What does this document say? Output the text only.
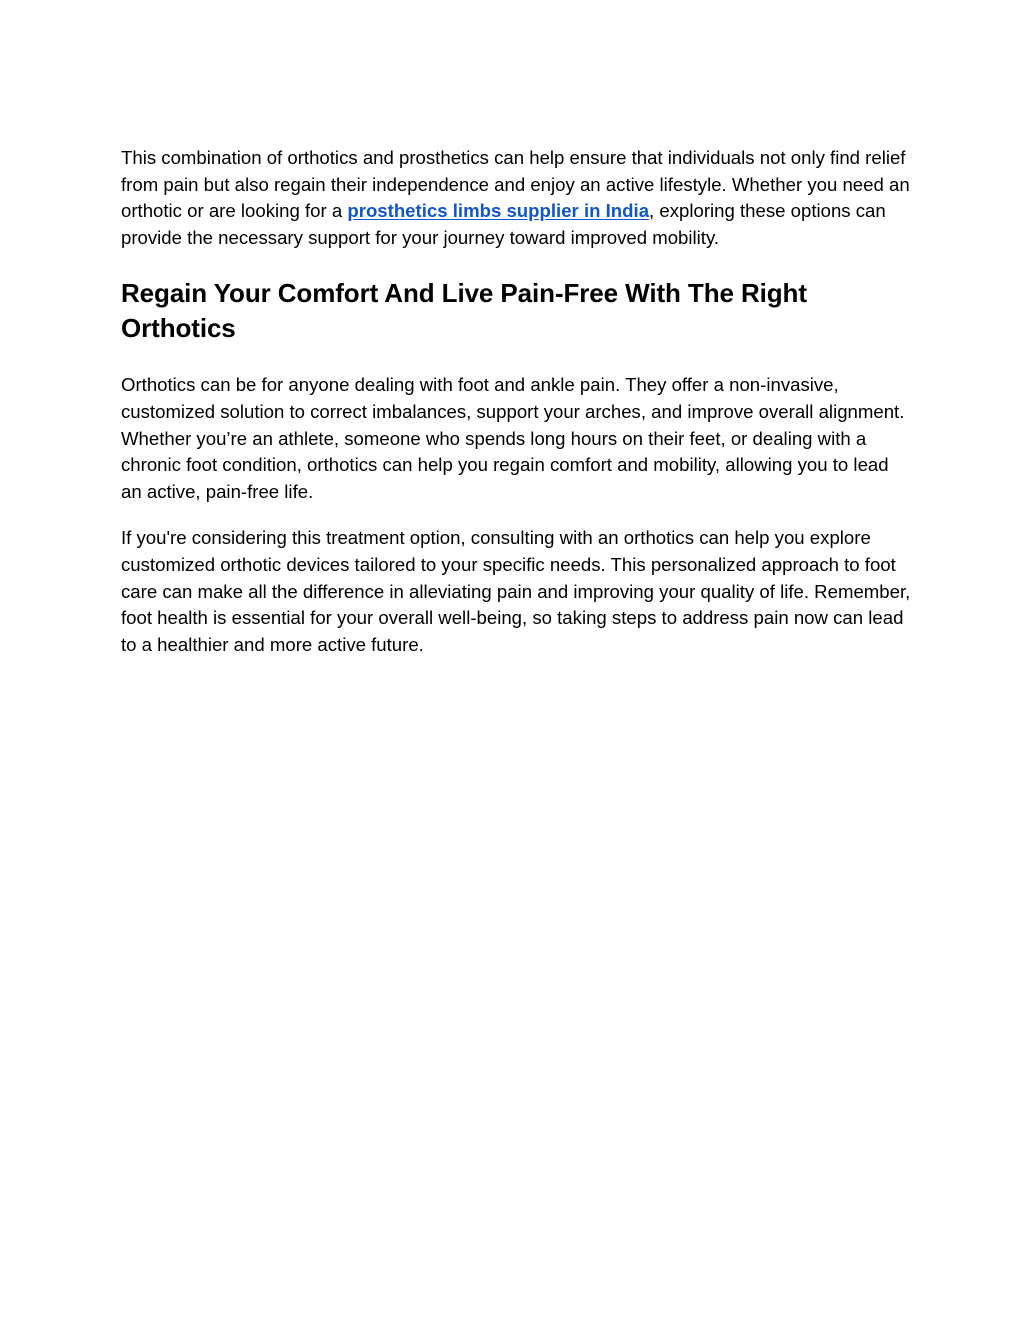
This combination of orthotics and prosthetics can help ensure that individuals not only find relief from pain but also regain their independence and enjoy an active lifestyle. Whether you need an orthotic or are looking for a prosthetics limbs supplier in India, exploring these options can provide the necessary support for your journey toward improved mobility.

Regain Your Comfort And Live Pain-Free With The Right Orthotics

Orthotics can be for anyone dealing with foot and ankle pain. They offer a non-invasive, customized solution to correct imbalances, support your arches, and improve overall alignment. Whether you’re an athlete, someone who spends long hours on their feet, or dealing with a chronic foot condition, orthotics can help you regain comfort and mobility, allowing you to lead an active, pain-free life.

If you're considering this treatment option, consulting with an orthotics can help you explore customized orthotic devices tailored to your specific needs. This personalized approach to foot care can make all the difference in alleviating pain and improving your quality of life. Remember, foot health is essential for your overall well-being, so taking steps to address pain now can lead to a healthier and more active future.
